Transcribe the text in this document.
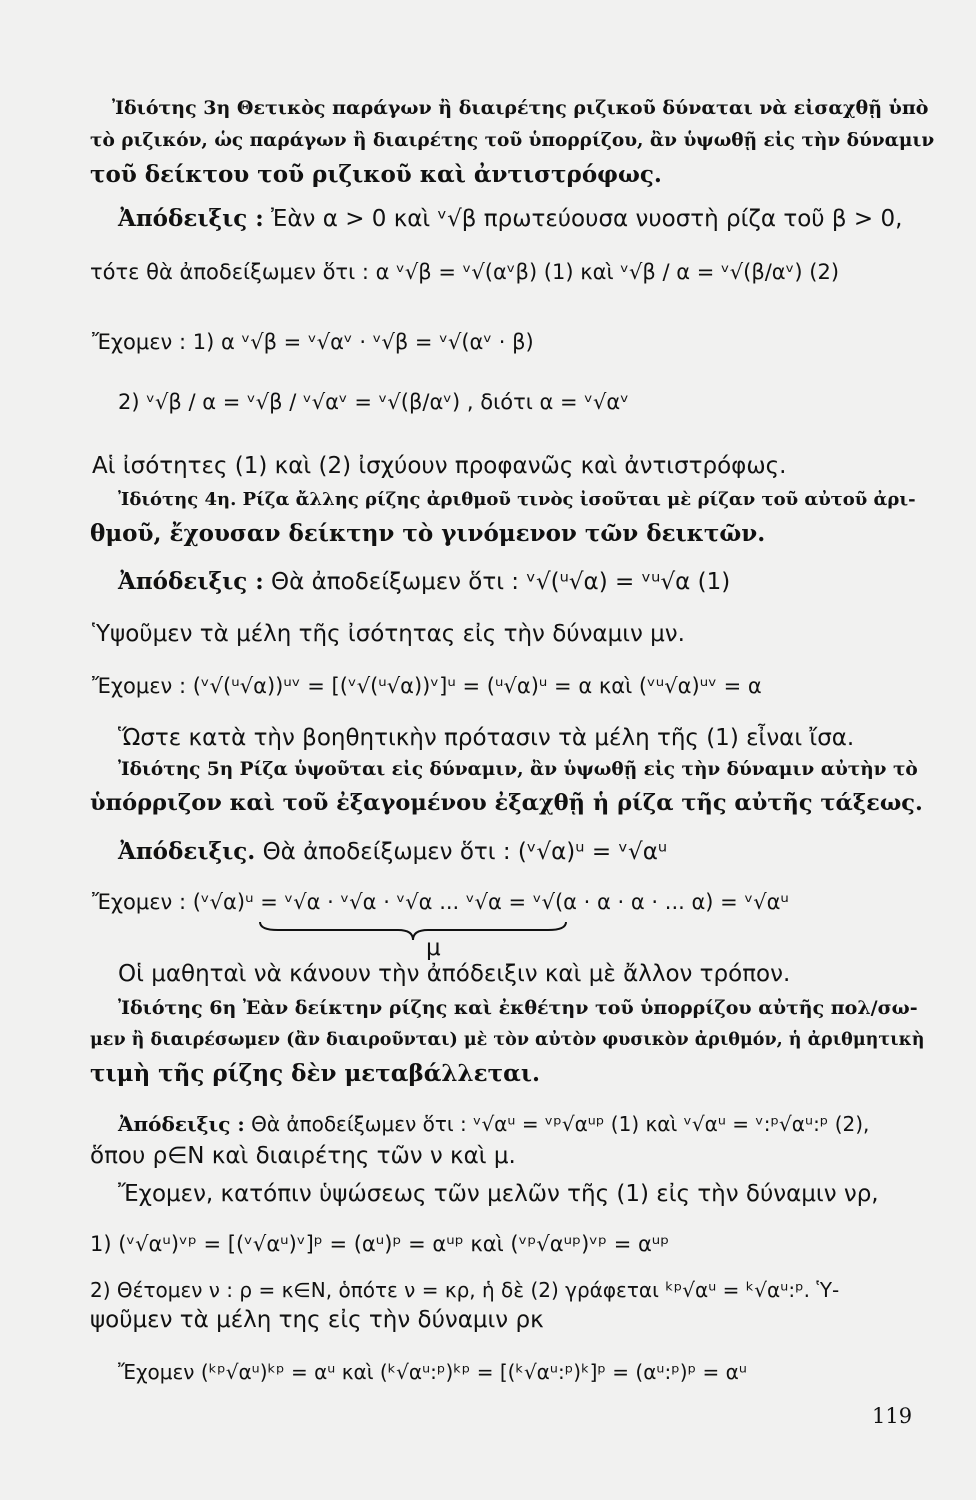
Ἰδιότης 3η Θετικὸς παράγων ἢ διαιρέτης ριζικοῦ δύναται νὰ εἰσαχθῇ ὑπὸ
τὸ ριζικόν, ὡς παράγων ἢ διαιρέτης τοῦ ὑπορρίζου, ἂν ὑψωθῇ εἰς τὴν δύναμιν
τοῦ δείκτου τοῦ ριζικοῦ καὶ ἀντιστρόφως.
Ἀπόδειξις : Ἐὰν α > 0 καὶ ᵛ√β πρωτεύουσα νυοστὴ ρίζα τοῦ β > 0,
τότε θὰ ἀποδείξωμεν ὅτι : α ᵛ√β = ᵛ√(αᵛβ) (1) καὶ ᵛ√β / α = ᵛ√(β/αᵛ) (2)
Ἔχομεν : 1) α ᵛ√β = ᵛ√αᵛ · ᵛ√β = ᵛ√(αᵛ · β)
2) ᵛ√β / α = ᵛ√β / ᵛ√αᵛ = ᵛ√(β/αᵛ) , διότι α = ᵛ√αᵛ
Αἱ ἰσότητες (1) καὶ (2) ἰσχύουν προφανῶς καὶ ἀντιστρόφως.
Ἰδιότης 4η. Ρίζα ἄλλης ρίζης ἀριθμοῦ τινὸς ἰσοῦται μὲ ρίζαν τοῦ αὐτοῦ ἀρι-
θμοῦ, ἔχουσαν δείκτην τὸ γινόμενον τῶν δεικτῶν.
Ἀπόδειξις : Θὰ ἀποδείξωμεν ὅτι : ᵛ√(ᵘ√α) = ᵛᵘ√α (1)
Ὑψοῦμεν τὰ μέλη τῆς ἰσότητας εἰς τὴν δύναμιν μν.
Ἔχομεν : (ᵛ√(ᵘ√α))ᵘᵛ = [(ᵛ√(ᵘ√α))ᵛ]ᵘ = (ᵘ√α)ᵘ = α καὶ (ᵛᵘ√α)ᵘᵛ = α
Ὥστε κατὰ τὴν βοηθητικὴν πρότασιν τὰ μέλη τῆς (1) εἶναι ἴσα.
Ἰδιότης 5η Ρίζα ὑψοῦται εἰς δύναμιν, ἂν ὑψωθῇ εἰς τὴν δύναμιν αὐτὴν τὸ
ὑπόρριζον καὶ τοῦ ἐξαγομένου ἐξαχθῇ ἡ ρίζα τῆς αὐτῆς τάξεως.
Ἀπόδειξις. Θὰ ἀποδείξωμεν ὅτι : (ᵛ√α)ᵘ = ᵛ√αᵘ
Ἔχομεν : (ᵛ√α)ᵘ = ᵛ√α · ᵛ√α · ᵛ√α ... ᵛ√α = ᵛ√(α · α · α · ... α) = ᵛ√αᵘ
μ
Οἱ μαθηταὶ νὰ κάνουν τὴν ἀπόδειξιν καὶ μὲ ἄλλον τρόπον.
Ἰδιότης 6η Ἐὰν δείκτην ρίζης καὶ ἐκθέτην τοῦ ὑπορρίζου αὐτῆς πολ/σω-
μεν ἢ διαιρέσωμεν (ἂν διαιροῦνται) μὲ τὸν αὐτὸν φυσικὸν ἀριθμόν, ἡ ἀριθμητικὴ
τιμὴ τῆς ρίζης δὲν μεταβάλλεται.
Ἀπόδειξις : Θὰ ἀποδείξωμεν ὅτι : ᵛ√αᵘ = ᵛᵖ√αᵘᵖ (1) καὶ ᵛ√αᵘ = ᵛ:ᵖ√αᵘ:ᵖ (2),
ὅπου ρ∈N καὶ διαιρέτης τῶν ν καὶ μ.
Ἔχομεν, κατόπιν ὑψώσεως τῶν μελῶν τῆς (1) εἰς τὴν δύναμιν νρ,
1) (ᵛ√αᵘ)ᵛᵖ = [(ᵛ√αᵘ)ᵛ]ᵖ = (αᵘ)ᵖ = αᵘᵖ καὶ (ᵛᵖ√αᵘᵖ)ᵛᵖ = αᵘᵖ
2) Θέτομεν ν : ρ = κ∈N, ὁπότε ν = κρ, ἡ δὲ (2) γράφεται ᵏᵖ√αᵘ = ᵏ√αᵘ:ᵖ. Ὑ-
ψοῦμεν τὰ μέλη της εἰς τὴν δύναμιν ρκ
Ἔχομεν (ᵏᵖ√αᵘ)ᵏᵖ = αᵘ καὶ (ᵏ√αᵘ:ᵖ)ᵏᵖ = [(ᵏ√αᵘ:ᵖ)ᵏ]ᵖ = (αᵘ:ᵖ)ᵖ = αᵘ
119
